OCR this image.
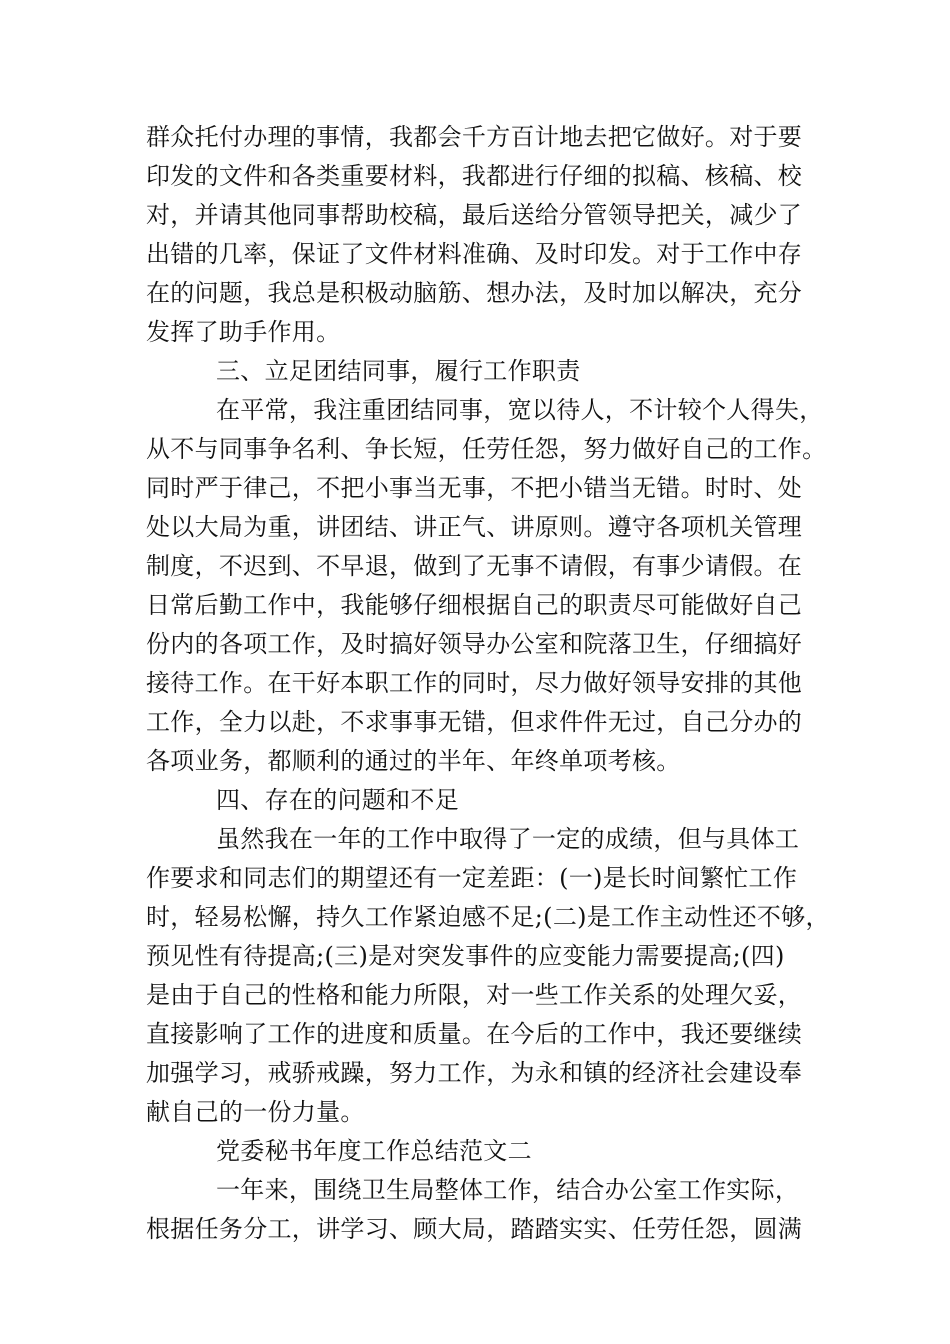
群众托付办理的事情，我都会千方百计地去把它做好。对于要
印发的文件和各类重要材料，我都进行仔细的拟稿、核稿、校
对，并请其他同事帮助校稿，最后送给分管领导把关，减少了
出错的几率，保证了文件材料准确、及时印发。对于工作中存
在的问题，我总是积极动脑筋、想办法，及时加以解决，充分
发挥了助手作用。
三、立足团结同事，履行工作职责
在平常，我注重团结同事，宽以待人，不计较个人得失，
从不与同事争名利、争长短，任劳任怨，努力做好自己的工作。
同时严于律己，不把小事当无事，不把小错当无错。时时、处
处以大局为重，讲团结、讲正气、讲原则。遵守各项机关管理
制度，不迟到、不早退，做到了无事不请假，有事少请假。在
日常后勤工作中，我能够仔细根据自己的职责尽可能做好自己
份内的各项工作，及时搞好领导办公室和院落卫生，仔细搞好
接待工作。在干好本职工作的同时，尽力做好领导安排的其他
工作，全力以赴，不求事事无错，但求件件无过，自己分办的
各项业务，都顺利的通过的半年、年终单项考核。
四、存在的问题和不足
虽然我在一年的工作中取得了一定的成绩，但与具体工
作要求和同志们的期望还有一定差距：(一)是长时间繁忙工作
时，轻易松懈，持久工作紧迫感不足;(二)是工作主动性还不够，
预见性有待提高;(三)是对突发事件的应变能力需要提高;(四)
是由于自己的性格和能力所限，对一些工作关系的处理欠妥，
直接影响了工作的进度和质量。在今后的工作中，我还要继续
加强学习，戒骄戒躁，努力工作，为永和镇的经济社会建设奉
献自己的一份力量。
党委秘书年度工作总结范文二
一年来，围绕卫生局整体工作，结合办公室工作实际，
根据任务分工，讲学习、顾大局，踏踏实实、任劳任怨，圆满
